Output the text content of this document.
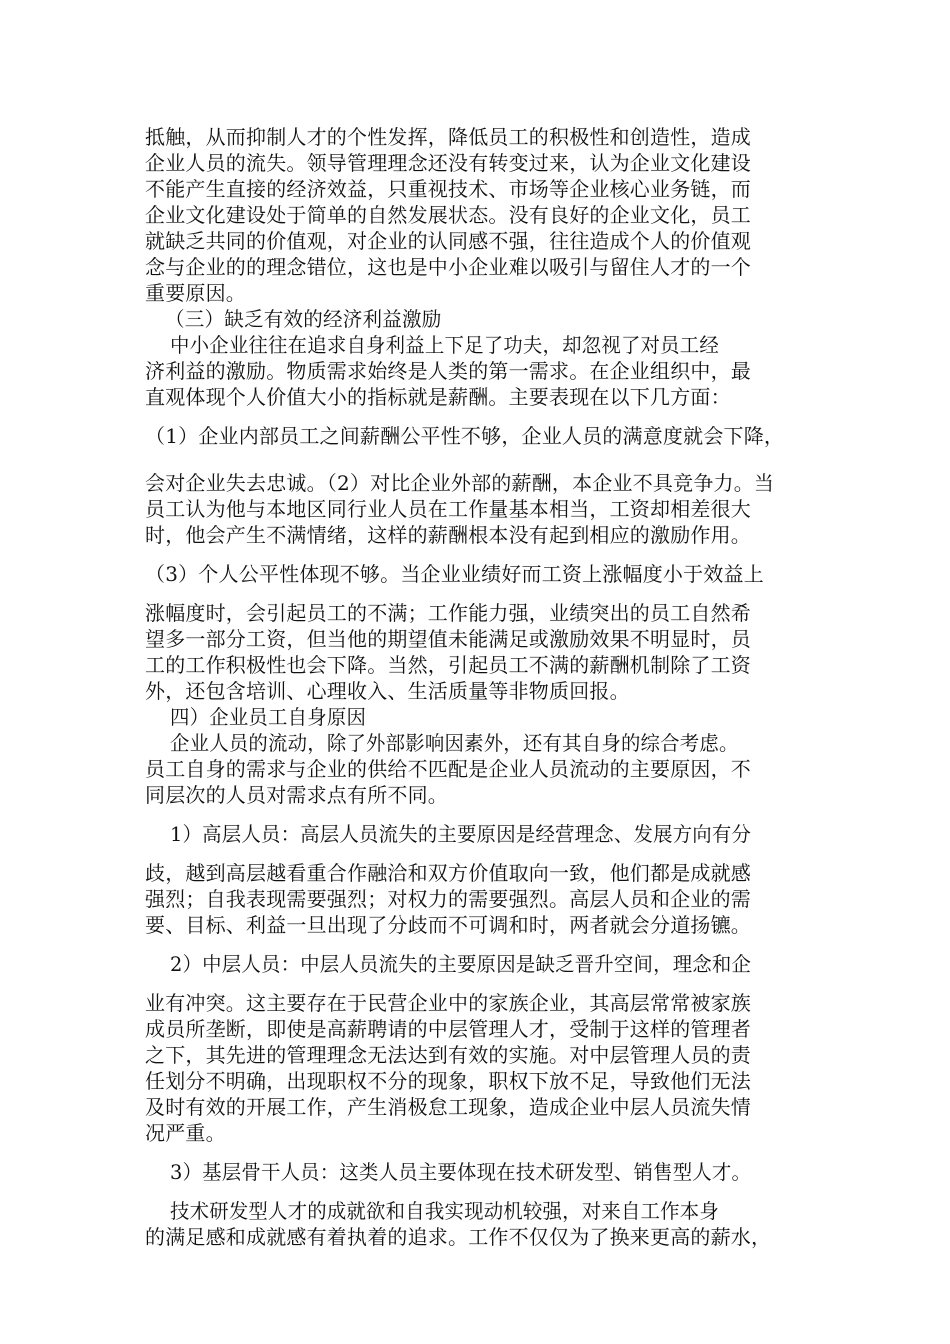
抵触，从而抑制人才的个性发挥，降低员工的积极性和创造性，造成
企业人员的流失。领导管理理念还没有转变过来，认为企业文化建设
不能产生直接的经济效益，只重视技术、市场等企业核心业务链，而
企业文化建设处于简单的自然发展状态。没有良好的企业文化，员工
就缺乏共同的价值观，对企业的认同感不强，往往造成个人的价值观
念与企业的的理念错位，这也是中小企业难以吸引与留住人才的一个
重要原因。
（三）缺乏有效的经济利益激励
中小企业往往在追求自身利益上下足了功夫，却忽视了对员工经
济利益的激励。物质需求始终是人类的第一需求。在企业组织中，最
直观体现个人价值大小的指标就是薪酬。主要表现在以下几方面：
（1）企业内部员工之间薪酬公平性不够，企业人员的满意度就会下降，
会对企业失去忠诚。（2）对比企业外部的薪酬，本企业不具竞争力。当
员工认为他与本地区同行业人员在工作量基本相当，工资却相差很大
时，他会产生不满情绪，这样的薪酬根本没有起到相应的激励作用。
（3）个人公平性体现不够。当企业业绩好而工资上涨幅度小于效益上
涨幅度时，会引起员工的不满；工作能力强，业绩突出的员工自然希
望多一部分工资，但当他的期望值未能满足或激励效果不明显时，员
工的工作积极性也会下降。当然，引起员工不满的薪酬机制除了工资
外，还包含培训、心理收入、生活质量等非物质回报。
四）企业员工自身原因
企业人员的流动，除了外部影响因素外，还有其自身的综合考虑。
员工自身的需求与企业的供给不匹配是企业人员流动的主要原因，不
同层次的人员对需求点有所不同。
1）高层人员：高层人员流失的主要原因是经营理念、发展方向有分
歧，越到高层越看重合作融洽和双方价值取向一致，他们都是成就感
强烈；自我表现需要强烈；对权力的需要强烈。高层人员和企业的需
要、目标、利益一旦出现了分歧而不可调和时，两者就会分道扬镳。
2）中层人员：中层人员流失的主要原因是缺乏晋升空间，理念和企
业有冲突。这主要存在于民营企业中的家族企业，其高层常常被家族
成员所垄断，即使是高薪聘请的中层管理人才，受制于这样的管理者
之下，其先进的管理理念无法达到有效的实施。对中层管理人员的责
任划分不明确，出现职权不分的现象，职权下放不足，导致他们无法
及时有效的开展工作，产生消极怠工现象，造成企业中层人员流失情
况严重。
3）基层骨干人员：这类人员主要体现在技术研发型、销售型人才。
技术研发型人才的成就欲和自我实现动机较强，对来自工作本身
的满足感和成就感有着执着的追求。工作不仅仅为了换来更高的薪水，
